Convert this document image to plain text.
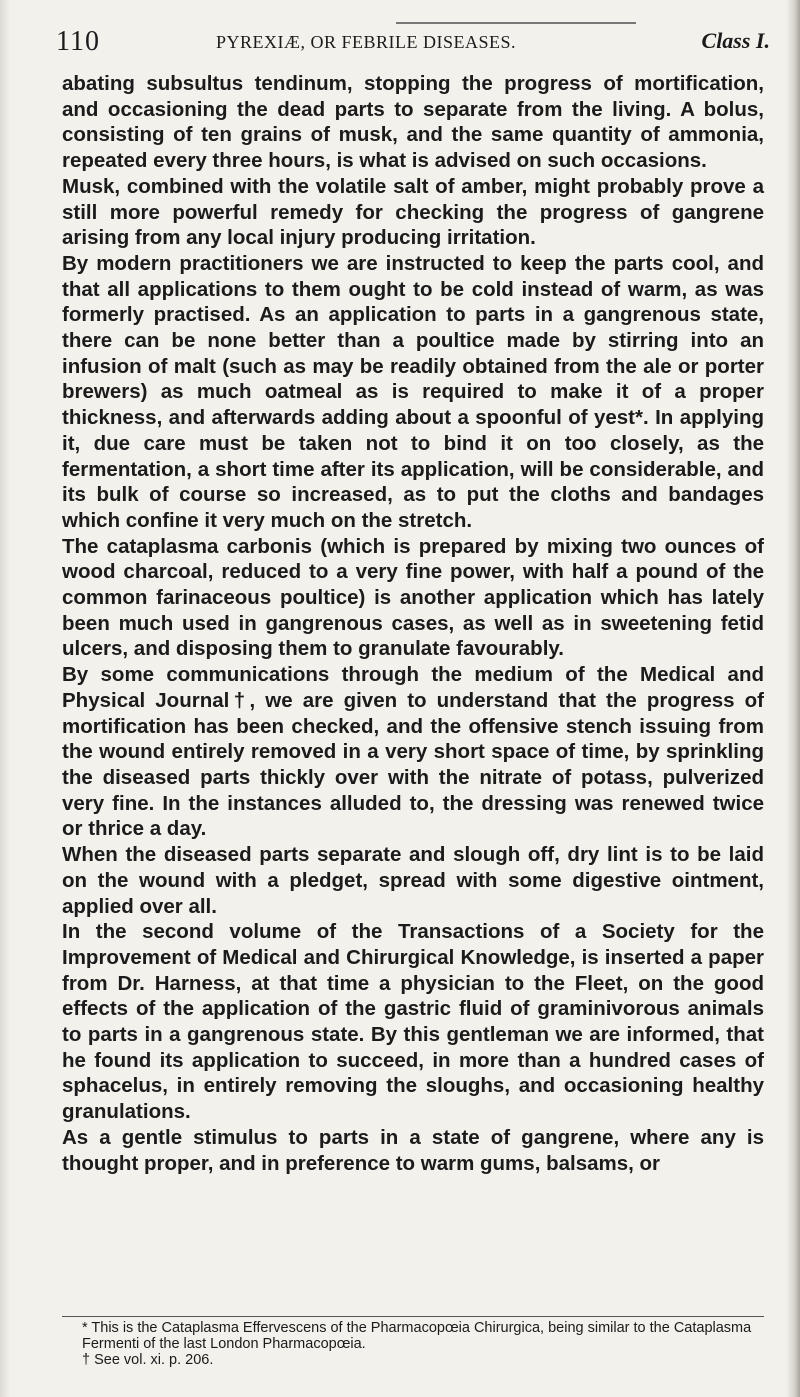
110	PYREXIÆ, OR FEBRILE DISEASES.	Class I.

abating subsultus tendinum, stopping the progress of mortification, and occasioning the dead parts to separate from the living. A bolus, consisting of ten grains of musk, and the same quantity of ammonia, repeated every three hours, is what is advised on such occasions.

Musk, combined with the volatile salt of amber, might probably prove a still more powerful remedy for checking the progress of gangrene arising from any local injury producing irritation.

By modern practitioners we are instructed to keep the parts cool, and that all applications to them ought to be cold instead of warm, as was formerly practised. As an application to parts in a gangrenous state, there can be none better than a poultice made by stirring into an infusion of malt (such as may be readily obtained from the ale or porter brewers) as much oatmeal as is required to make it of a proper thickness, and afterwards adding about a spoonful of yest*. In applying it, due care must be taken not to bind it on too closely, as the fermentation, a short time after its application, will be considerable, and its bulk of course so increased, as to put the cloths and bandages which confine it very much on the stretch.

The cataplasma carbonis (which is prepared by mixing two ounces of wood charcoal, reduced to a very fine power, with half a pound of the common farinaceous poultice) is another application which has lately been much used in gangrenous cases, as well as in sweetening fetid ulcers, and disposing them to granulate favourably.

By some communications through the medium of the Medical and Physical Journal†, we are given to understand that the progress of mortification has been checked, and the offensive stench issuing from the wound entirely removed in a very short space of time, by sprinkling the diseased parts thickly over with the nitrate of potass, pulverized very fine. In the instances alluded to, the dressing was renewed twice or thrice a day.

When the diseased parts separate and slough off, dry lint is to be laid on the wound with a pledget, spread with some digestive ointment, applied over all.

In the second volume of the Transactions of a Society for the Improvement of Medical and Chirurgical Knowledge, is inserted a paper from Dr. Harness, at that time a physician to the Fleet, on the good effects of the application of the gastric fluid of graminivorous animals to parts in a gangrenous state. By this gentleman we are informed, that he found its application to succeed, in more than a hundred cases of sphacelus, in entirely removing the sloughs, and occasioning healthy granulations.

As a gentle stimulus to parts in a state of gangrene, where any is thought proper, and in preference to warm gums, balsams, or

* This is the Cataplasma Effervescens of the Pharmacopœia Chirurgica, being similar to the Cataplasma Fermenti of the last London Pharmacopœia.

† See vol. xi. p. 206.
